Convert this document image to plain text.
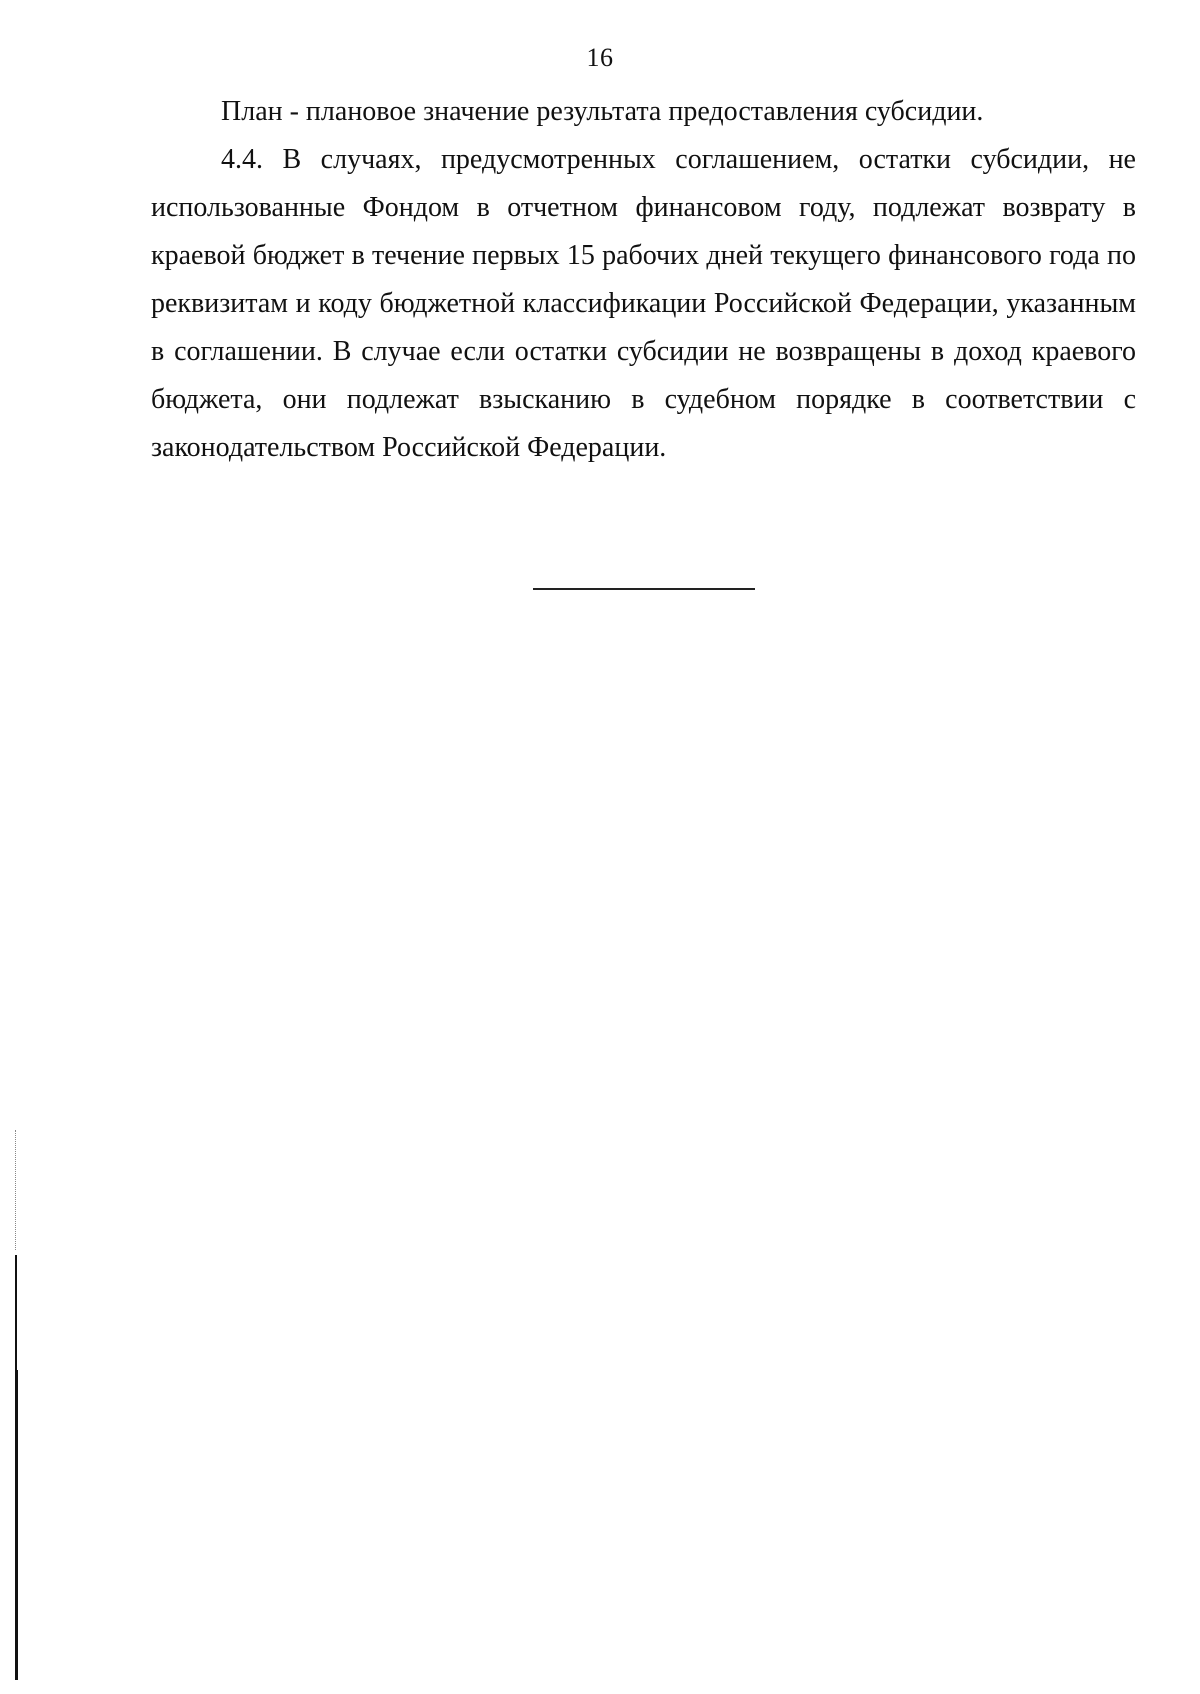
16

План - плановое значение результата предоставления субсидии.

4.4. В случаях, предусмотренных соглашением, остатки субсидии, не использованные Фондом в отчетном финансовом году, подлежат возврату в краевой бюджет в течение первых 15 рабочих дней текущего финансового года по реквизитам и коду бюджетной классификации Российской Федерации, указанным в соглашении. В случае если остатки субсидии не возвращены в доход краевого бюджета, они подлежат взысканию в судебном порядке в соответствии с законодательством Российской Федерации.
